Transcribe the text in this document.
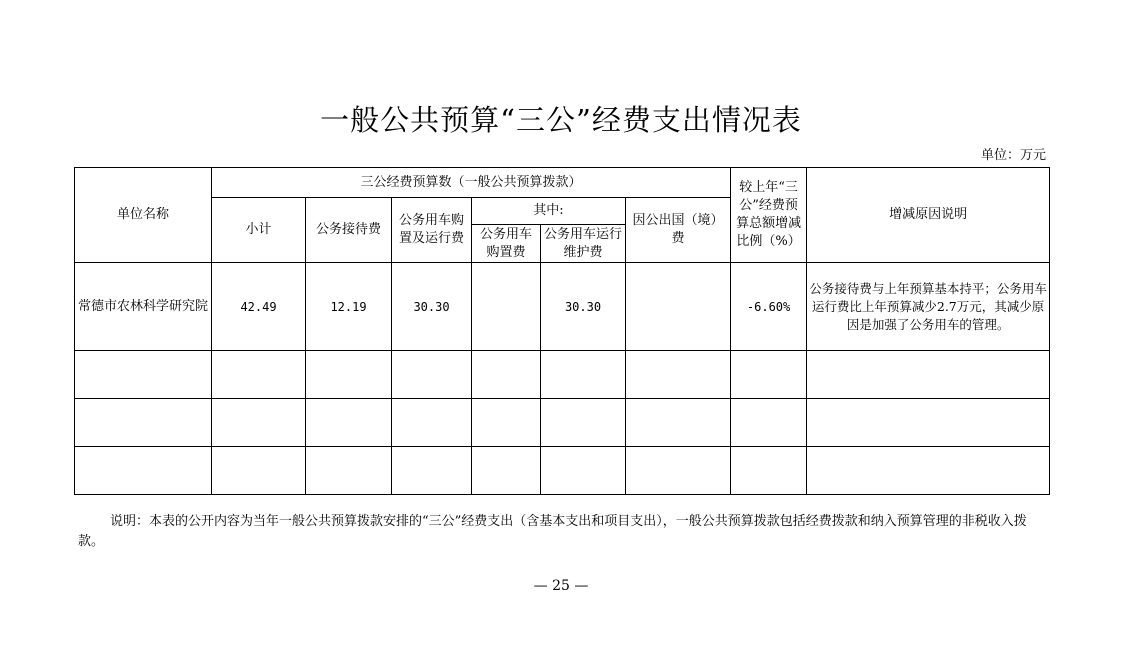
一般公共预算“三公”经费支出情况表
单位：万元
单位名称	三公经费预算数（一般公共预算拨款）						较上年“三公”经费预算总额增减比例（%）	增减原因说明
	小计	公务接待费	公务用车购置及运行费	其中:		因公出国（境）费		
				公务用车购置费	公务用车运行维护费			
常德市农林科学研究院	42.49	12.19	30.30		30.30		-6.60%	公务接待费与上年预算基本持平；公务用车运行费比上年预算减少2.7万元，其减少原因是加强了公务用车的管理。

说明：本表的公开内容为当年一般公共预算拨款安排的“三公”经费支出（含基本支出和项目支出），一般公共预算拨款包括经费拨款和纳入预算管理的非税收入拨款。

— 25 —
